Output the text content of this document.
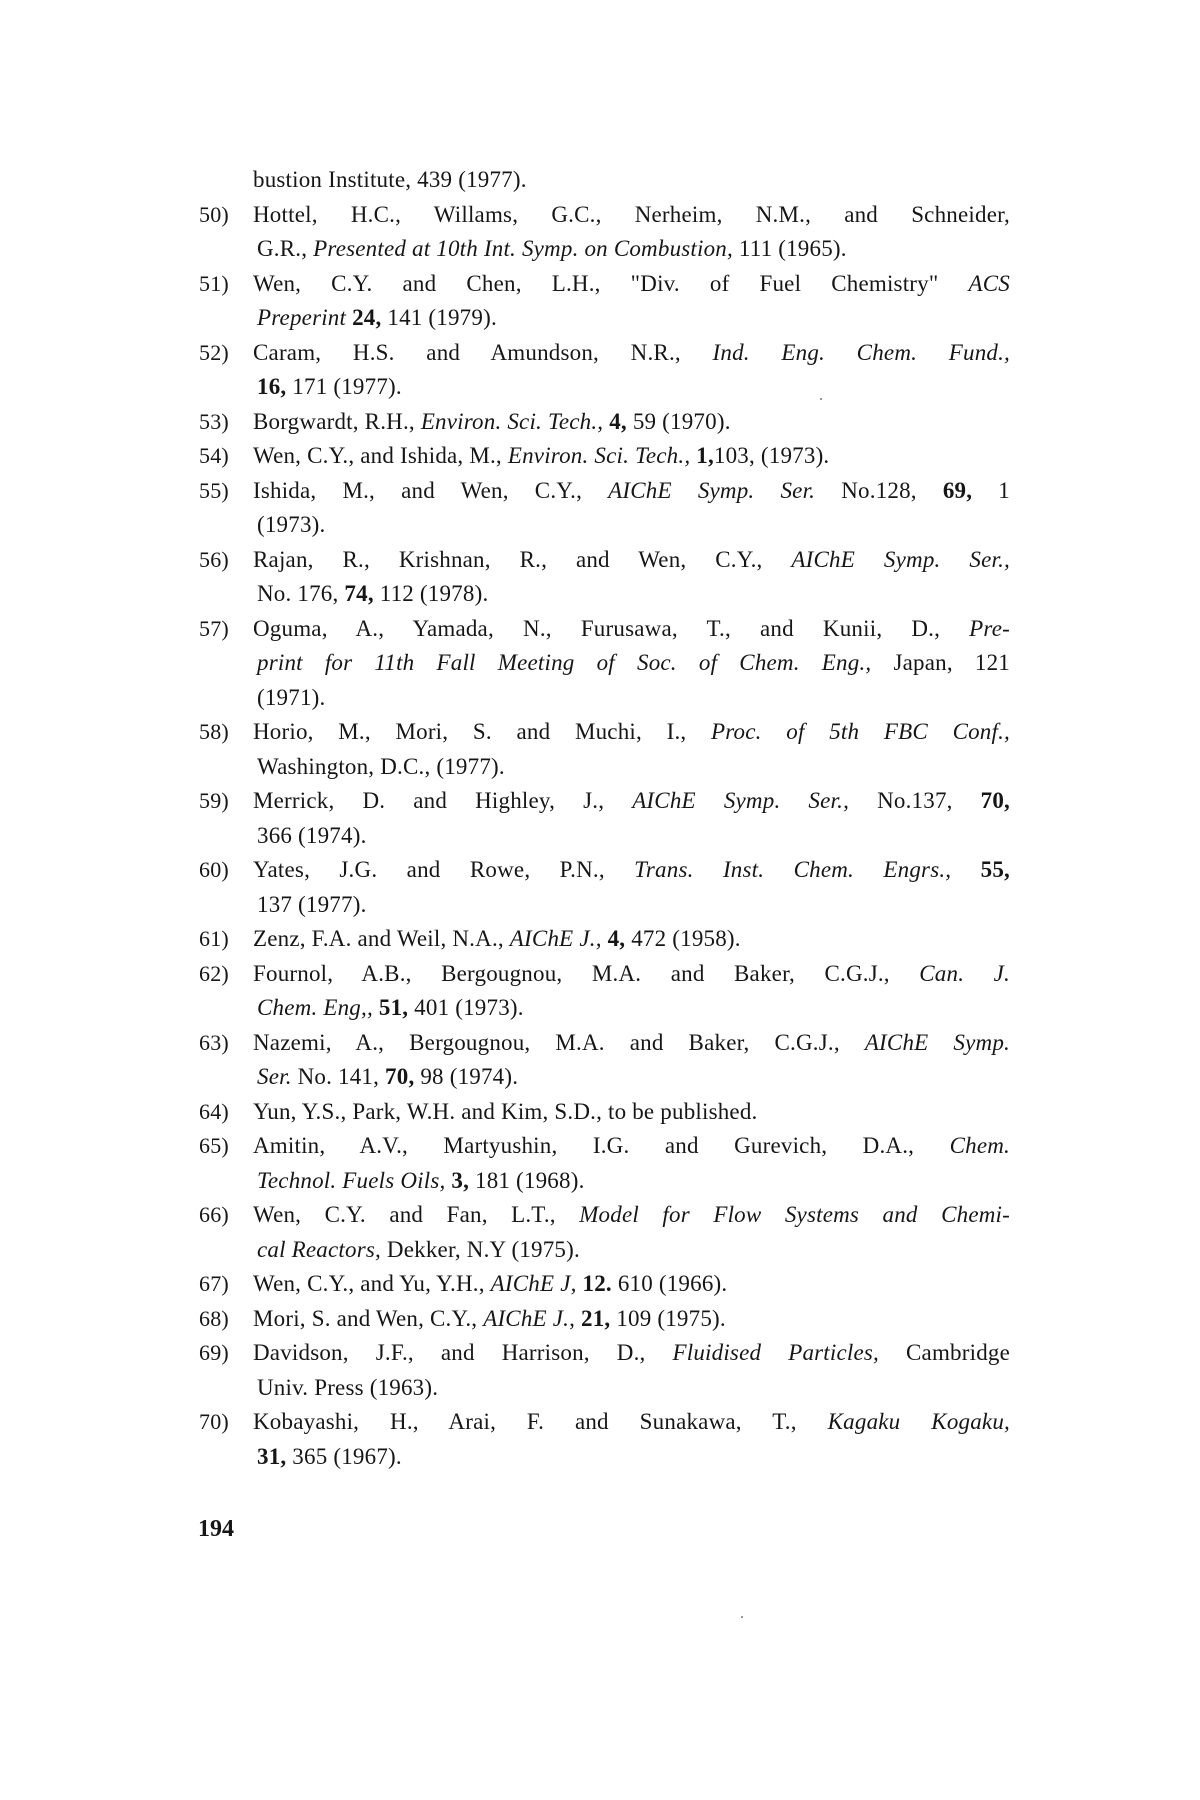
bustion Institute, 439 (1977).
50) Hottel, H.C., Willams, G.C., Nerheim, N.M., and Schneider,
G.R., Presented at 10th Int. Symp. on Combustion, 111 (1965).
51) Wen, C.Y. and Chen, L.H., "Div. of Fuel Chemistry" ACS
Preperint 24, 141 (1979).
52) Caram, H.S. and Amundson, N.R., Ind. Eng. Chem. Fund.,
16, 171 (1977).
53) Borgwardt, R.H., Environ. Sci. Tech., 4, 59 (1970).
54) Wen, C.Y., and Ishida, M., Environ. Sci. Tech., 1,103, (1973).
55) Ishida, M., and Wen, C.Y., AIChE Symp. Ser. No.128, 69, 1
(1973).
56) Rajan, R., Krishnan, R., and Wen, C.Y., AIChE Symp. Ser.,
No. 176, 74, 112 (1978).
57) Oguma, A., Yamada, N., Furusawa, T., and Kunii, D., Pre-
print for 11th Fall Meeting of Soc. of Chem. Eng., Japan, 121
(1971).
58) Horio, M., Mori, S. and Muchi, I., Proc. of 5th FBC Conf.,
Washington, D.C., (1977).
59) Merrick, D. and Highley, J., AIChE Symp. Ser., No.137, 70,
366 (1974).
60) Yates, J.G. and Rowe, P.N., Trans. Inst. Chem. Engrs., 55,
137 (1977).
61) Zenz, F.A. and Weil, N.A., AIChE J., 4, 472 (1958).
62) Fournol, A.B., Bergougnou, M.A. and Baker, C.G.J., Can. J.
Chem. Eng,, 51, 401 (1973).
63) Nazemi, A., Bergougnou, M.A. and Baker, C.G.J., AIChE Symp.
Ser. No. 141, 70, 98 (1974).
64) Yun, Y.S., Park, W.H. and Kim, S.D., to be published.
65) Amitin, A.V., Martyushin, I.G. and Gurevich, D.A., Chem.
Technol. Fuels Oils, 3, 181 (1968).
66) Wen, C.Y. and Fan, L.T., Model for Flow Systems and Chemi-
cal Reactors, Dekker, N.Y (1975).
67) Wen, C.Y., and Yu, Y.H., AIChE J, 12. 610 (1966).
68) Mori, S. and Wen, C.Y., AIChE J., 21, 109 (1975).
69) Davidson, J.F., and Harrison, D., Fluidised Particles, Cambridge
Univ. Press (1963).
70) Kobayashi, H., Arai, F. and Sunakawa, T., Kagaku Kogaku,
31, 365 (1967).
194
